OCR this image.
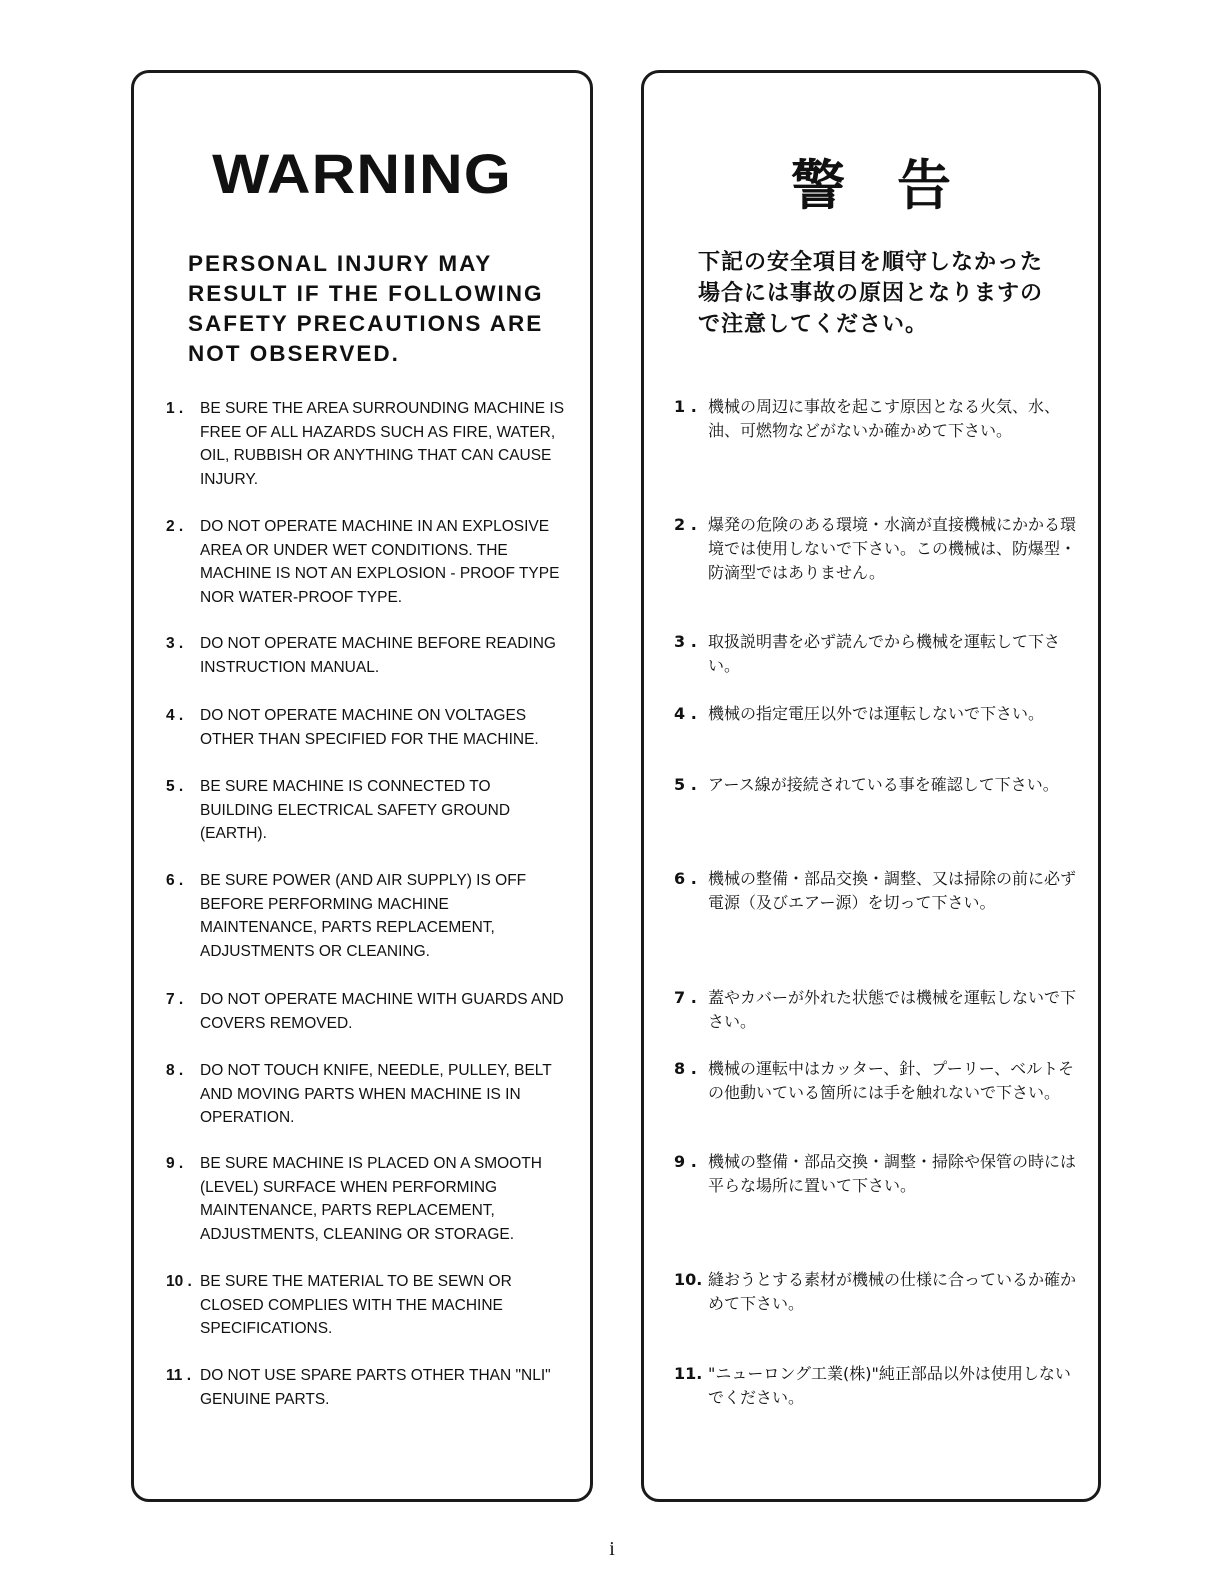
WARNING
PERSONAL INJURY MAY RESULT IF THE FOLLOWING SAFETY PRECAUTIONS ARE NOT OBSERVED.
1 .	BE SURE THE AREA SURROUNDING MACHINE IS FREE OF ALL HAZARDS SUCH AS FIRE, WATER, OIL, RUBBISH OR ANYTHING THAT CAN CAUSE INJURY.
2 .	DO NOT OPERATE MACHINE IN AN EXPLOSIVE AREA OR UNDER WET CONDITIONS. THE MACHINE IS NOT AN EXPLOSION - PROOF TYPE NOR WATER-PROOF TYPE.
3 .	DO NOT OPERATE MACHINE BEFORE READING INSTRUCTION MANUAL.
4 .	DO NOT OPERATE MACHINE ON VOLTAGES OTHER THAN SPECIFIED FOR THE MACHINE.
5 .	BE SURE MACHINE IS CONNECTED TO BUILDING ELECTRICAL SAFETY GROUND (EARTH).
6 .	BE SURE POWER (AND AIR SUPPLY) IS OFF BEFORE PERFORMING MACHINE MAINTENANCE, PARTS REPLACEMENT, ADJUSTMENTS OR CLEANING.
7 .	DO NOT OPERATE MACHINE WITH GUARDS AND COVERS REMOVED.
8 .	DO NOT TOUCH KNIFE, NEEDLE, PULLEY, BELT AND MOVING PARTS WHEN MACHINE IS IN OPERATION.
9 .	BE SURE MACHINE IS PLACED ON A SMOOTH (LEVEL) SURFACE WHEN PERFORMING MAINTENANCE, PARTS REPLACEMENT, ADJUSTMENTS, CLEANING OR STORAGE.
10 . BE SURE THE MATERIAL TO BE SEWN OR CLOSED COMPLIES WITH THE MACHINE SPECIFICATIONS.
11 . DO NOT USE SPARE PARTS OTHER THAN "NLI" GENUINE PARTS.
警告
下記の安全項目を順守しなかった場合には事故の原因となりますので注意してください。
1 . 機械の周辺に事故を起こす原因となる火気、水、油、可燃物などがないか確かめて下さい。
2 . 爆発の危険のある環境・水滴が直接機械にかかる環境では使用しないで下さい。この機械は、防爆型・防滴型ではありません。
3 . 取扱説明書を必ず読んでから機械を運転して下さい。
4 . 機械の指定電圧以外では運転しないで下さい。
5 . アース線が接続されている事を確認して下さい。
6 . 機械の整備・部品交換・調整、又は掃除の前に必ず電源（及びエアー源）を切って下さい。
7 . 蓋やカバーが外れた状態では機械を運転しないで下さい。
8 . 機械の運転中はカッター、針、プーリー、ベルトその他動いている箇所には手を触れないで下さい。
9 . 機械の整備・部品交換・調整・掃除や保管の時には平らな場所に置いて下さい。
10. 縫おうとする素材が機械の仕様に合っているか確かめて下さい。
11. "ニューロング工業(株)"純正部品以外は使用しないでください。
i
